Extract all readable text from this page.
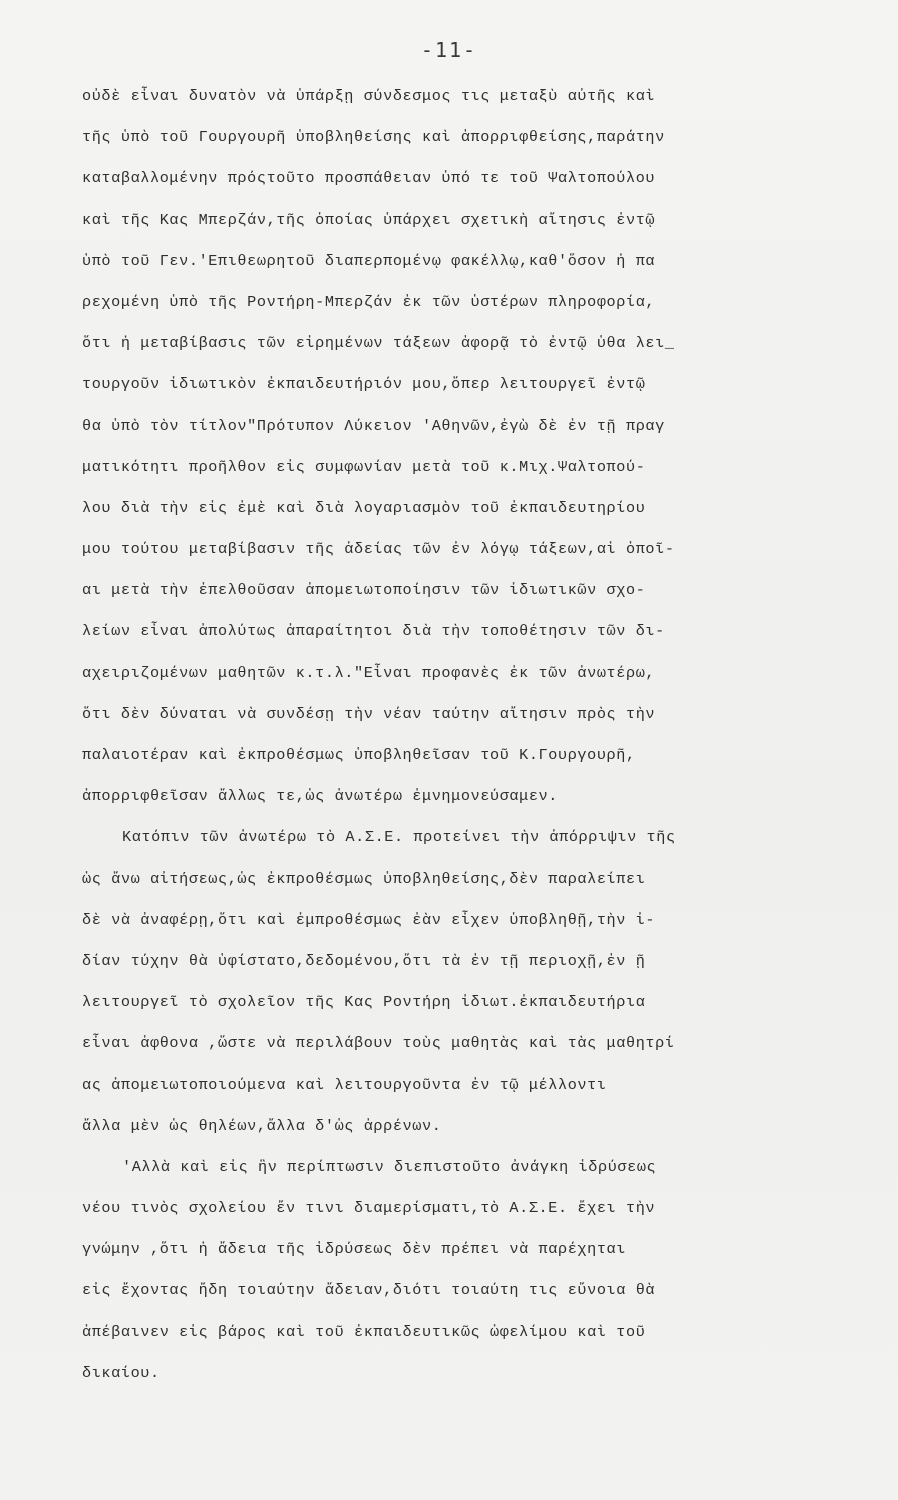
-11-
οὐδὲ εἶναι δυνατὸν νὰ ὑπάρξῃ σύνδεσμος τις μεταξὺ αὐτῆς καὶ
τῆς ὑπὸ τοῦ Γουργουρῆ ὑποβληθείσης καὶ ἀπορριφθείσης,παράτην
καταβαλλομένην πρόςτοῦτο προσπάθειαν ὑπό τε τοῦ Ψαλτοπούλου
καὶ τῆς Κας Μπερζάν,τῆς ὁποίας ὑπάρχει σχετικὴ αἴτησις ἐντῷ
ὑπὸ τοῦ Γεν.'Επιθεωρητοῦ διαπερπομένῳ φακέλλῳ,καθ'ὅσον ἡ πα
ρεχομένη ὑπὸ τῆς Ροντήρη-Μπερζάν ἐκ τῶν ὑστέρων πληροφορία,
ὅτι ἡ μεταβίβασις τῶν εἰρημένων τάξεων ἀφορᾷ τὸ ἐντῷ ὑθα λει_
τουργοῦν ἰδιωτικὸν ἐκπαιδευτήριόν μου,ὅπερ λειτουργεῖ ἐντῷ
θα ὑπὸ τὸν τίτλον"Πρότυπον Λύκειον 'Αθηνῶν,ἐγὼ δὲ ἐν τῇ πραγ
ματικότητι προῆλθον εἰς συμφωνίαν μετὰ τοῦ κ.Μιχ.Ψαλτοπού-
λου διὰ τὴν εἰς ἐμὲ καὶ διὰ λογαριασμὸν τοῦ ἐκπαιδευτηρίου
μου τούτου μεταβίβασιν τῆς ἀδείας τῶν ἐν λόγῳ τάξεων,αἱ ὁποῖ-
αι μετὰ τὴν ἐπελθοῦσαν ἀπομειωτοποίησιν τῶν ἰδιωτικῶν σχο-
λείων εἶναι ἀπολύτως ἀπαραίτητοι διὰ τὴν τοποθέτησιν τῶν δι-
αχειριζομένων μαθητῶν κ.τ.λ."Εἶναι προφανὲς ἐκ τῶν ἀνωτέρω,
ὅτι δὲν δύναται νὰ συνδέσῃ τὴν νέαν ταύτην αἴτησιν πρὸς τὴν
παλαιοτέραν καὶ ἐκπροθέσμως ὑποβληθεῖσαν τοῦ Κ.Γουργουρῆ,
ἀπορριφθεῖσαν ἄλλως τε,ὡς ἀνωτέρω ἐμνημονεύσαμεν.
Κατόπιν τῶν ἀνωτέρω τὸ Α.Σ.Ε. προτείνει τὴν ἀπόρριψιν τῆς
ὡς ἄνω αἰτήσεως,ὡς ἐκπροθέσμως ὑποβληθείσης,δὲν παραλείπει
δὲ νὰ ἀναφέρῃ,ὅτι καὶ ἐμπροθέσμως ἐὰν εἶχεν ὑποβληθῇ,τὴν ἰ-
δίαν τύχην θὰ ὑφίστατο,δεδομένου,ὅτι τὰ ἐν τῇ περιοχῇ,ἐν ῇ
λειτουργεῖ τὸ σχολεῖον τῆς Κας Ροντήρη ἰδιωτ.ἐκπαιδευτήρια
εἶναι ἀφθονα ,ὥστε νὰ περιλάβουν τοὺς μαθητὰς καὶ τὰς μαθητρί
ας ἀπομειωτοποιούμενα καὶ λειτουργοῦντα ἐν τῷ μέλλοντι
ἄλλα μὲν ὡς θηλέων,ἄλλα δ'ὡς ἀρρένων.
'Αλλὰ καὶ εἰς ἣν περίπτωσιν διεπιστοῦτο ἀνάγκη ἱδρύσεως
νέου τινὸς σχολείου ἔν τινι διαμερίσματι,τὸ Α.Σ.Ε. ἔχει τὴν
γνώμην ,ὅτι ἡ ἄδεια τῆς ἱδρύσεως δὲν πρέπει νὰ παρέχηται
εἰς ἔχοντας ἤδη τοιαύτην ἄδειαν,διότι τοιαύτη τις εὔνοια θὰ
ἀπέβαινεν εἰς βάρος καὶ τοῦ ἐκπαιδευτικῶς ὠφελίμου καὶ τοῦ
δικαίου.
